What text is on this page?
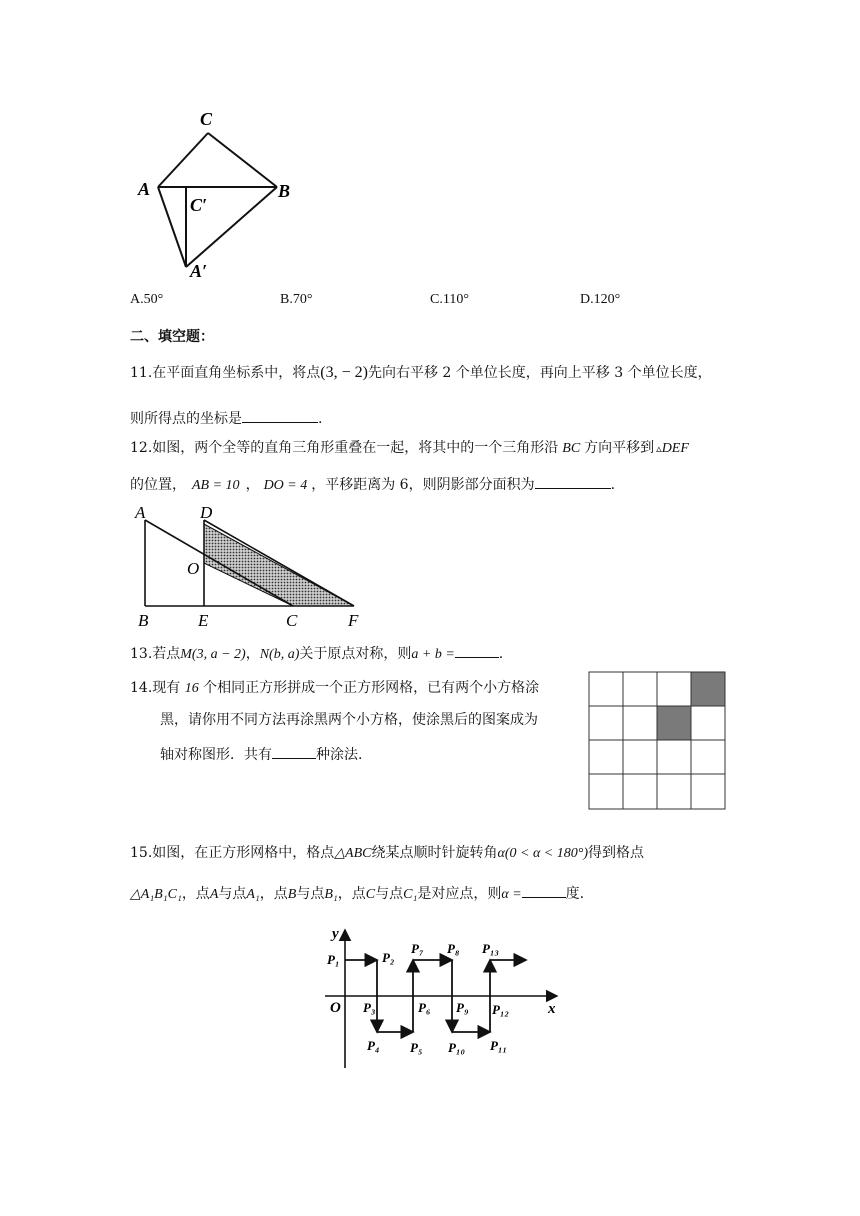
C
A	B
C′
A′
A.50°	B.70°	C.110°	D.120°
二、填空题：
11.在平面直角坐标系中，将点(3, − 2)先向右平移 2 个单位长度，再向上平移 3 个单位长度，
则所得点的坐标是	.
12.如图，两个全等的直角三角形重叠在一起，将其中的一个三角形沿 BC 方向平移到 ▵DEF
的位置， AB = 10 ， DO = 4 ，平移距离为 6，则阴影部分面积为	.
A	D
O
B	E	C	F
13.若点M(3, a − 2)，N(b, a)关于原点对称，则a + b =	.
14.现有 16 个相同正方形拼成一个正方形网格，已有两个小方格涂
黑，请你用不同方法再涂黑两个小方格，使涂黑后的图案成为
轴对称图形．共有	种涂法.
15.如图，在正方形网格中，格点△ABC绕某点顺时针旋转角α(0 < α < 180°)得到格点
△A₁B₁C₁，点A与点A₁，点B与点B₁，点C与点C₁是对应点，则α =	度.
y
x
O
P₁	P₂
P₃
P₄ P₅
P₆
P₇ P₈
P₉
P₁₀ P₁₁
P₁₂
P₁₃
